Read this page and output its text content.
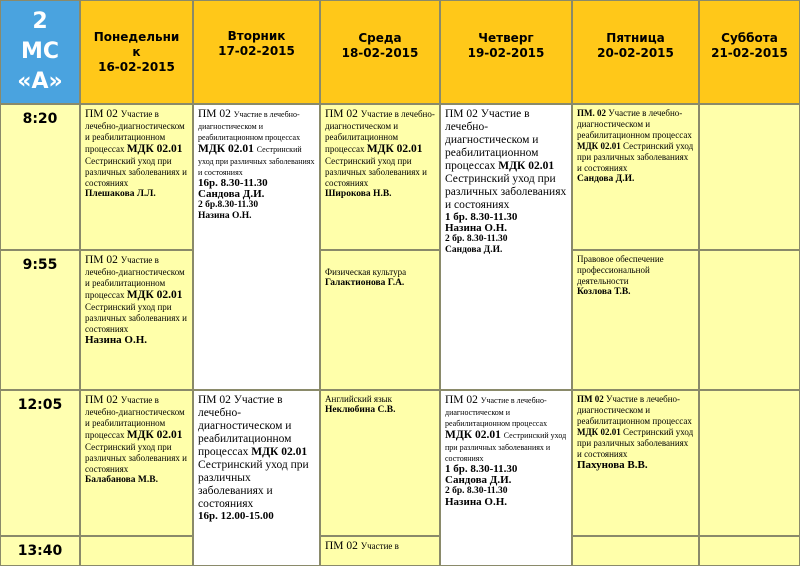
2
МС
«А»
Понедельни
к
16-02-2015
Вторник
17-02-2015
Среда
18-02-2015
Четверг
19-02-2015
Пятница
20-02-2015
Суббота
21-02-2015
8:20
9:55
12:05
13:40
ПМ 02 Участие в лечебно-диагностическом и реабилитационном процессах МДК 02.01 Сестринский уход при различных заболеваниях и состояниях
Плешакова Л.Л.
ПМ 02 Участие в лечебно-диагностическом и реабилитационном процессах МДК 02.01 Сестринский уход при различных заболеваниях и состояниях
Назина О.Н.
ПМ 02 Участие в лечебно-диагностическом и реабилитационном процессах МДК 02.01 Сестринский уход при различных заболеваниях и состояниях
Балабанова М.В.
ПМ 02 Участие в лечебно-диагностическом и реабилитационном процессах МДК 02.01 Сестринский уход при различных заболеваниях и состояниях
16р. 8.30-11.30
Сандова Д.И.
2 бр.8.30-11.30
Назина О.Н.
ПМ 02 Участие в лечебно-диагностическом и реабилитационном процессах МДК 02.01 Сестринский уход при различных заболеваниях и состояниях
16р. 12.00-15.00
ПМ 02 Участие в лечебно-диагностическом и реабилитационном процессах МДК 02.01 Сестринский уход при различных заболеваниях и состояниях
Широкова Н.В.
Физическая культура
Галактионова Г.А.
Английский язык
Неклюбина С.В.
ПМ 02 Участие в
ПМ 02 Участие в лечебно-диагностическом и реабилитационном процессах МДК 02.01 Сестринский уход при различных заболеваниях и состояниях
1 бр. 8.30-11.30
Назина О.Н.
2 бр. 8.30-11.30
Сандова Д.И.
ПМ 02 Участие в лечебно-диагностическом и реабилитационном процессах МДК 02.01 Сестринский уход при различных заболеваниях и состояниях
1 бр. 8.30-11.30
Сандова Д.И.
2 бр. 8.30-11.30
Назина О.Н.
ПМ. 02 Участие в лечебно-диагностическом и реабилитационном процессах МДК 02.01 Сестринский уход при различных заболеваниях и состояниях
Сандова Д.И.
Правовое обеспечение профессиональной деятельности
Козлова Т.В.
ПМ 02 Участие в лечебно-диагностическом и реабилитационном процессах МДК 02.01 Сестринский уход при различных заболеваниях и состояниях
Пахунова В.В.
